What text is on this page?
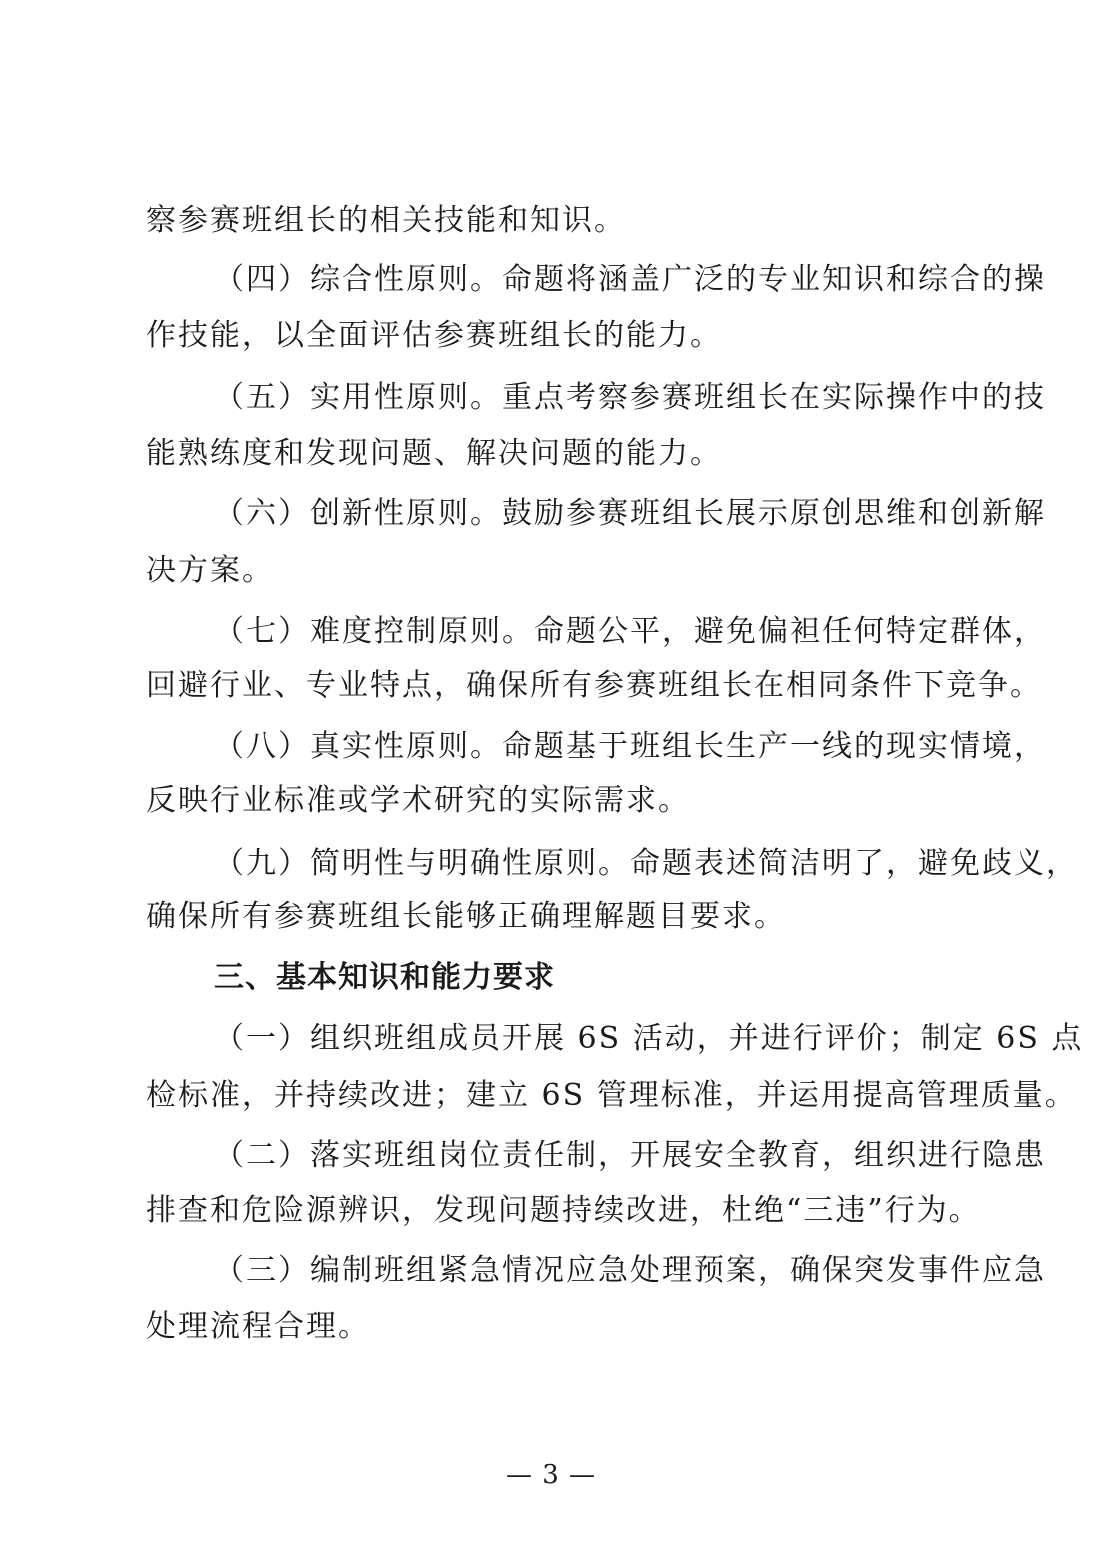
察参赛班组长的相关技能和知识。
（四）综合性原则。命题将涵盖广泛的专业知识和综合的操
作技能，以全面评估参赛班组长的能力。
（五）实用性原则。重点考察参赛班组长在实际操作中的技
能熟练度和发现问题、解决问题的能力。
（六）创新性原则。鼓励参赛班组长展示原创思维和创新解
决方案。
（七）难度控制原则。命题公平，避免偏袒任何特定群体，
回避行业、专业特点，确保所有参赛班组长在相同条件下竞争。
（八）真实性原则。命题基于班组长生产一线的现实情境，
反映行业标准或学术研究的实际需求。
（九）简明性与明确性原则。命题表述简洁明了，避免歧义，
确保所有参赛班组长能够正确理解题目要求。
三、基本知识和能力要求
（一）组织班组成员开展 6S 活动，并进行评价；制定 6S 点
检标准，并持续改进；建立 6S 管理标准，并运用提高管理质量。
（二）落实班组岗位责任制，开展安全教育，组织进行隐患
排查和危险源辨识，发现问题持续改进，杜绝“三违”行为。
（三）编制班组紧急情况应急处理预案，确保突发事件应急
处理流程合理。
— 3 —
